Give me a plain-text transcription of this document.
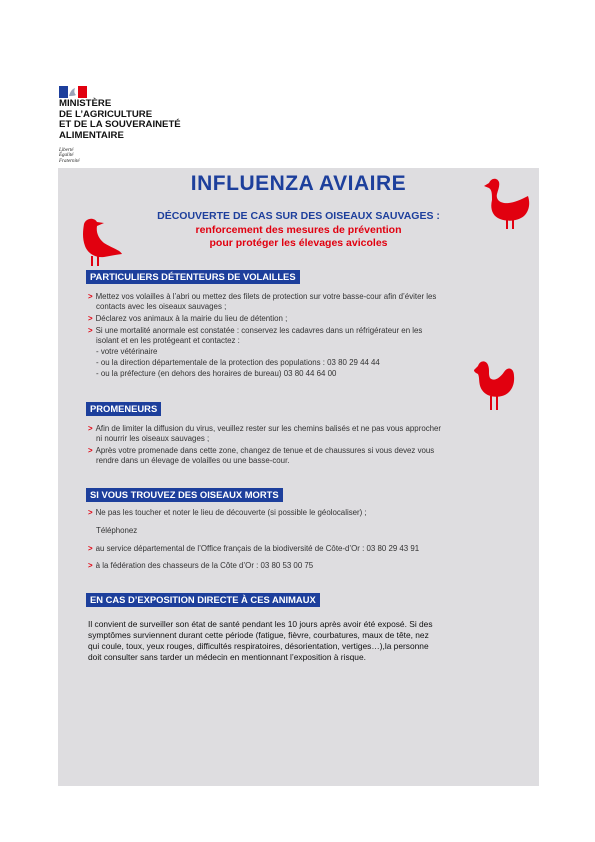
MINISTÈRE
DE L’AGRICULTURE
ET DE LA SOUVERAINETÉ
ALIMENTAIRE
Liberté
Égalité
Fraternité
INFLUENZA AVIAIRE
DÉCOUVERTE DE CAS SUR DES OISEAUX SAUVAGES :
renforcement des mesures de prévention
pour protéger les élevages avicoles
PARTICULIERS DÉTENTEURS DE VOLAILLES
> Mettez vos volailles à l’abri ou mettez des filets de protection sur votre basse-cour afin d’éviter les
contacts avec les oiseaux sauvages ;
> Déclarez vos animaux à la mairie du lieu de détention ;
> Si une mortalité anormale est constatée : conservez les cadavres dans un réfrigérateur en les
isolant et en les protégeant et contactez :
- votre vétérinaire
- ou la direction départementale de la protection des populations : 03 80 29 44 44
- ou la préfecture (en dehors des horaires de bureau) 03 80 44 64 00
PROMENEURS
> Afin de limiter la diffusion du virus, veuillez rester sur les chemins balisés et ne pas vous approcher
ni nourrir les oiseaux sauvages ;
> Après votre promenade dans cette zone, changez de tenue et de chaussures si vous devez vous
rendre dans un élevage de volailles ou une basse-cour.
SI VOUS TROUVEZ DES OISEAUX MORTS
> Ne pas les toucher et noter le lieu de découverte (si possible le géolocaliser) ;
Téléphonez
> au service départemental de l’Office français de la biodiversité de Côte-d’Or : 03 80 29 43 91
> à la fédération des chasseurs de la Côte d’Or : 03 80 53 00 75
EN CAS D’EXPOSITION DIRECTE À CES ANIMAUX
Il convient de surveiller son état de santé pendant les 10 jours après avoir été exposé. Si des
symptômes surviennent durant cette période (fatigue, fièvre, courbatures, maux de tête, nez
qui coule, toux, yeux rouges, difficultés respiratoires, désorientation, vertiges…),la personne
doit consulter sans tarder un médecin en mentionnant l’exposition à risque.
